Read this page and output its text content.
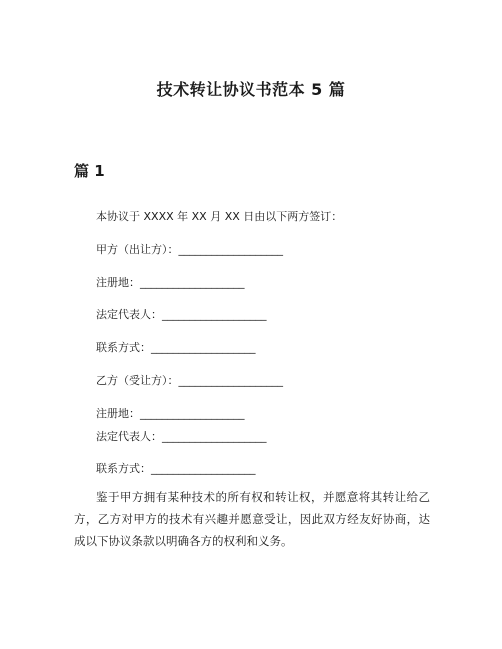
技术转让协议书范本 5 篇
篇 1
本协议于 XXXX 年 XX 月 XX 日由以下两方签订：
甲方（出让方）：___________________
注册地：___________________
法定代表人：___________________
联系方式：___________________
乙方（受让方）：___________________
注册地：___________________
法定代表人：___________________
联系方式：___________________
鉴于甲方拥有某种技术的所有权和转让权，并愿意将其转让给乙方，乙方对甲方的技术有兴趣并愿意受让，因此双方经友好协商，达成以下协议条款以明确各方的权利和义务。
